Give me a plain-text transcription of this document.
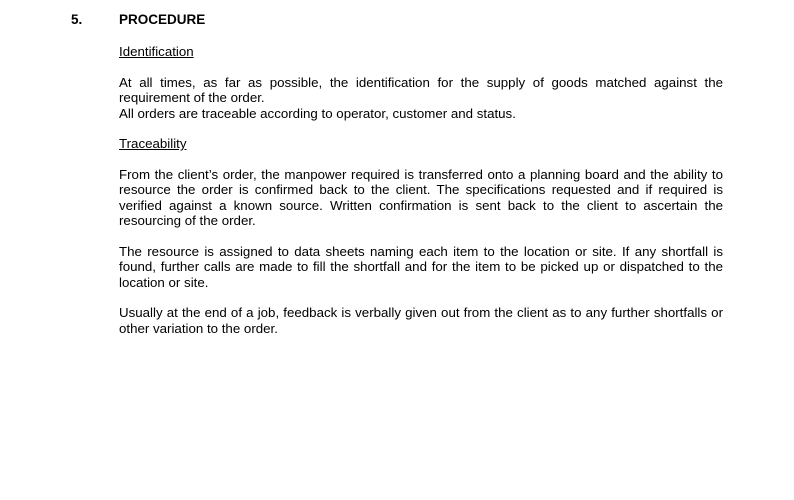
5.	PROCEDURE
Identification

At all times, as far as possible, the identification for the supply of goods matched against the requirement of the order.

All orders are traceable according to operator, customer and status.

Traceability

From the client’s order, the manpower required is transferred onto a planning board and the ability to resource the order is confirmed back to the client. The specifications requested and if required is verified against a known source. Written confirmation is sent back to the client to ascertain the resourcing of the order.

The resource is assigned to data sheets naming each item to the location or site. If any shortfall is found, further calls are made to fill the shortfall and for the item to be picked up or dispatched to the location or site.

Usually at the end of a job, feedback is verbally given out from the client as to any further shortfalls or other variation to the order.
